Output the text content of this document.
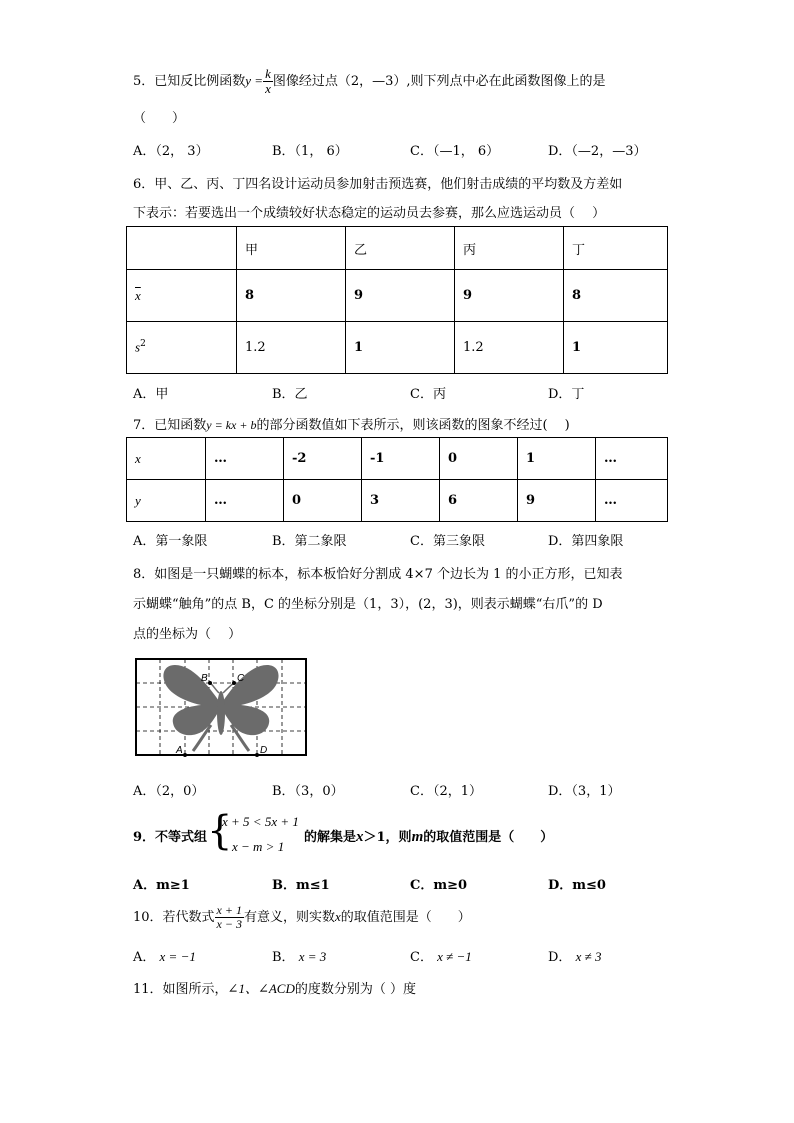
5．已知反比例函数$y = \frac{k}{x}$ 图像经过点（2，—3）,则下列点中必在此函数图像上的是
（　　）
A．（2， 3）	B．（1， 6）	C．（—1， 6）	D．（—2，—3）
6．甲、乙、丙、丁四名设计运动员参加射击预选赛，他们射击成绩的平均数及方差如
下表示：若要选出一个成绩较好状态稳定的运动员去参赛，那么应选运动员（　 ）
	甲	乙	丙	丁
$\overline{x}$	8	9	9	8
$s^2$	1.2	1	1.2	1
A．甲	B．乙	C．丙	D．丁
7．已知函数y = kx + b的部分函数值如下表所示，则该函数的图象不经过(　 )
x	…	-2	-1	0	1	…
y	…	0	3	6	9	…
A．第一象限	B．第二象限	C．第三象限	D．第四象限
8．如图是一只蝴蝶的标本，标本板恰好分割成 4×7 个边长为 1 的小正方形，已知表
示蝴蝶“触角”的点 B，C 的坐标分别是（1，3），(2，3)，则表示蝴蝶“右爪”的 D
点的坐标为（　 ）
B	C
A	D
A．（2，0）	B．（3，0）	C．（2，1）	D．（3，1）
9．不等式组 {
x + 5 < 5x + 1
x − m > 1
的解集是x＞1，则m的取值范围是（　　）
A．m≥1	B．m≤1	C．m≥0	D．m≤0
10．若代数式 $\frac{x + 1}{x - 3}$ 有意义，则实数x的取值范围是（　　）
A． x = −1	B． x = 3	C． x ≠ −1	D． x ≠ 3
11．如图所示，∠1、∠ACD的度数分别为（ ）度
